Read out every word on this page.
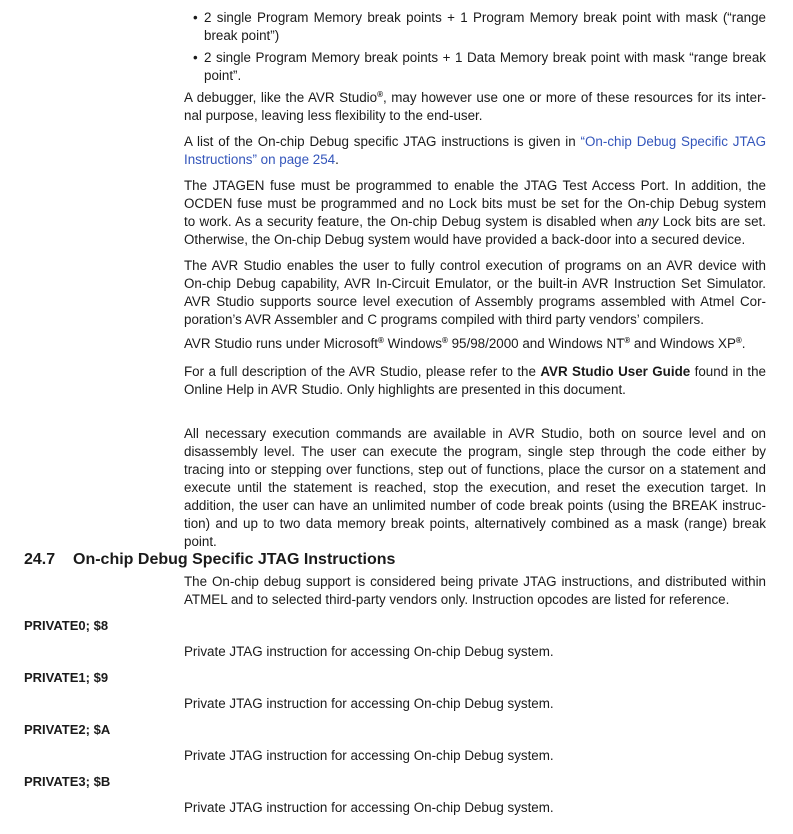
• 2 single Program Memory break points + 1 Program Memory break point with mask (“range
break point”)
• 2 single Program Memory break points + 1 Data Memory break point with mask “range break
point”.
A debugger, like the AVR Studio®, may however use one or more of these resources for its inter-
nal purpose, leaving less flexibility to the end-user.
A list of the On-chip Debug specific JTAG instructions is given in “On-chip Debug Specific JTAG
Instructions” on page 254.
The JTAGEN fuse must be programmed to enable the JTAG Test Access Port. In addition, the
OCDEN fuse must be programmed and no Lock bits must be set for the On-chip Debug system
to work. As a security feature, the On-chip Debug system is disabled when any Lock bits are set.
Otherwise, the On-chip Debug system would have provided a back-door into a secured device.
The AVR Studio enables the user to fully control execution of programs on an AVR device with
On-chip Debug capability, AVR In-Circuit Emulator, or the built-in AVR Instruction Set Simulator.
AVR Studio supports source level execution of Assembly programs assembled with Atmel Cor-
poration’s AVR Assembler and C programs compiled with third party vendors’ compilers.
AVR Studio runs under Microsoft® Windows® 95/98/2000 and Windows NT® and Windows XP®.
For a full description of the AVR Studio, please refer to the AVR Studio User Guide found in the
Online Help in AVR Studio. Only highlights are presented in this document.
All necessary execution commands are available in AVR Studio, both on source level and on
disassembly level. The user can execute the program, single step through the code either by
tracing into or stepping over functions, step out of functions, place the cursor on a statement and
execute until the statement is reached, stop the execution, and reset the execution target. In
addition, the user can have an unlimited number of code break points (using the BREAK instruc-
tion) and up to two data memory break points, alternatively combined as a mask (range) break
point.
24.7 On-chip Debug Specific JTAG Instructions
The On-chip debug support is considered being private JTAG instructions, and distributed within
ATMEL and to selected third-party vendors only. Instruction opcodes are listed for reference.
PRIVATE0; $8
Private JTAG instruction for accessing On-chip Debug system.
PRIVATE1; $9
Private JTAG instruction for accessing On-chip Debug system.
PRIVATE2; $A
Private JTAG instruction for accessing On-chip Debug system.
PRIVATE3; $B
Private JTAG instruction for accessing On-chip Debug system.
